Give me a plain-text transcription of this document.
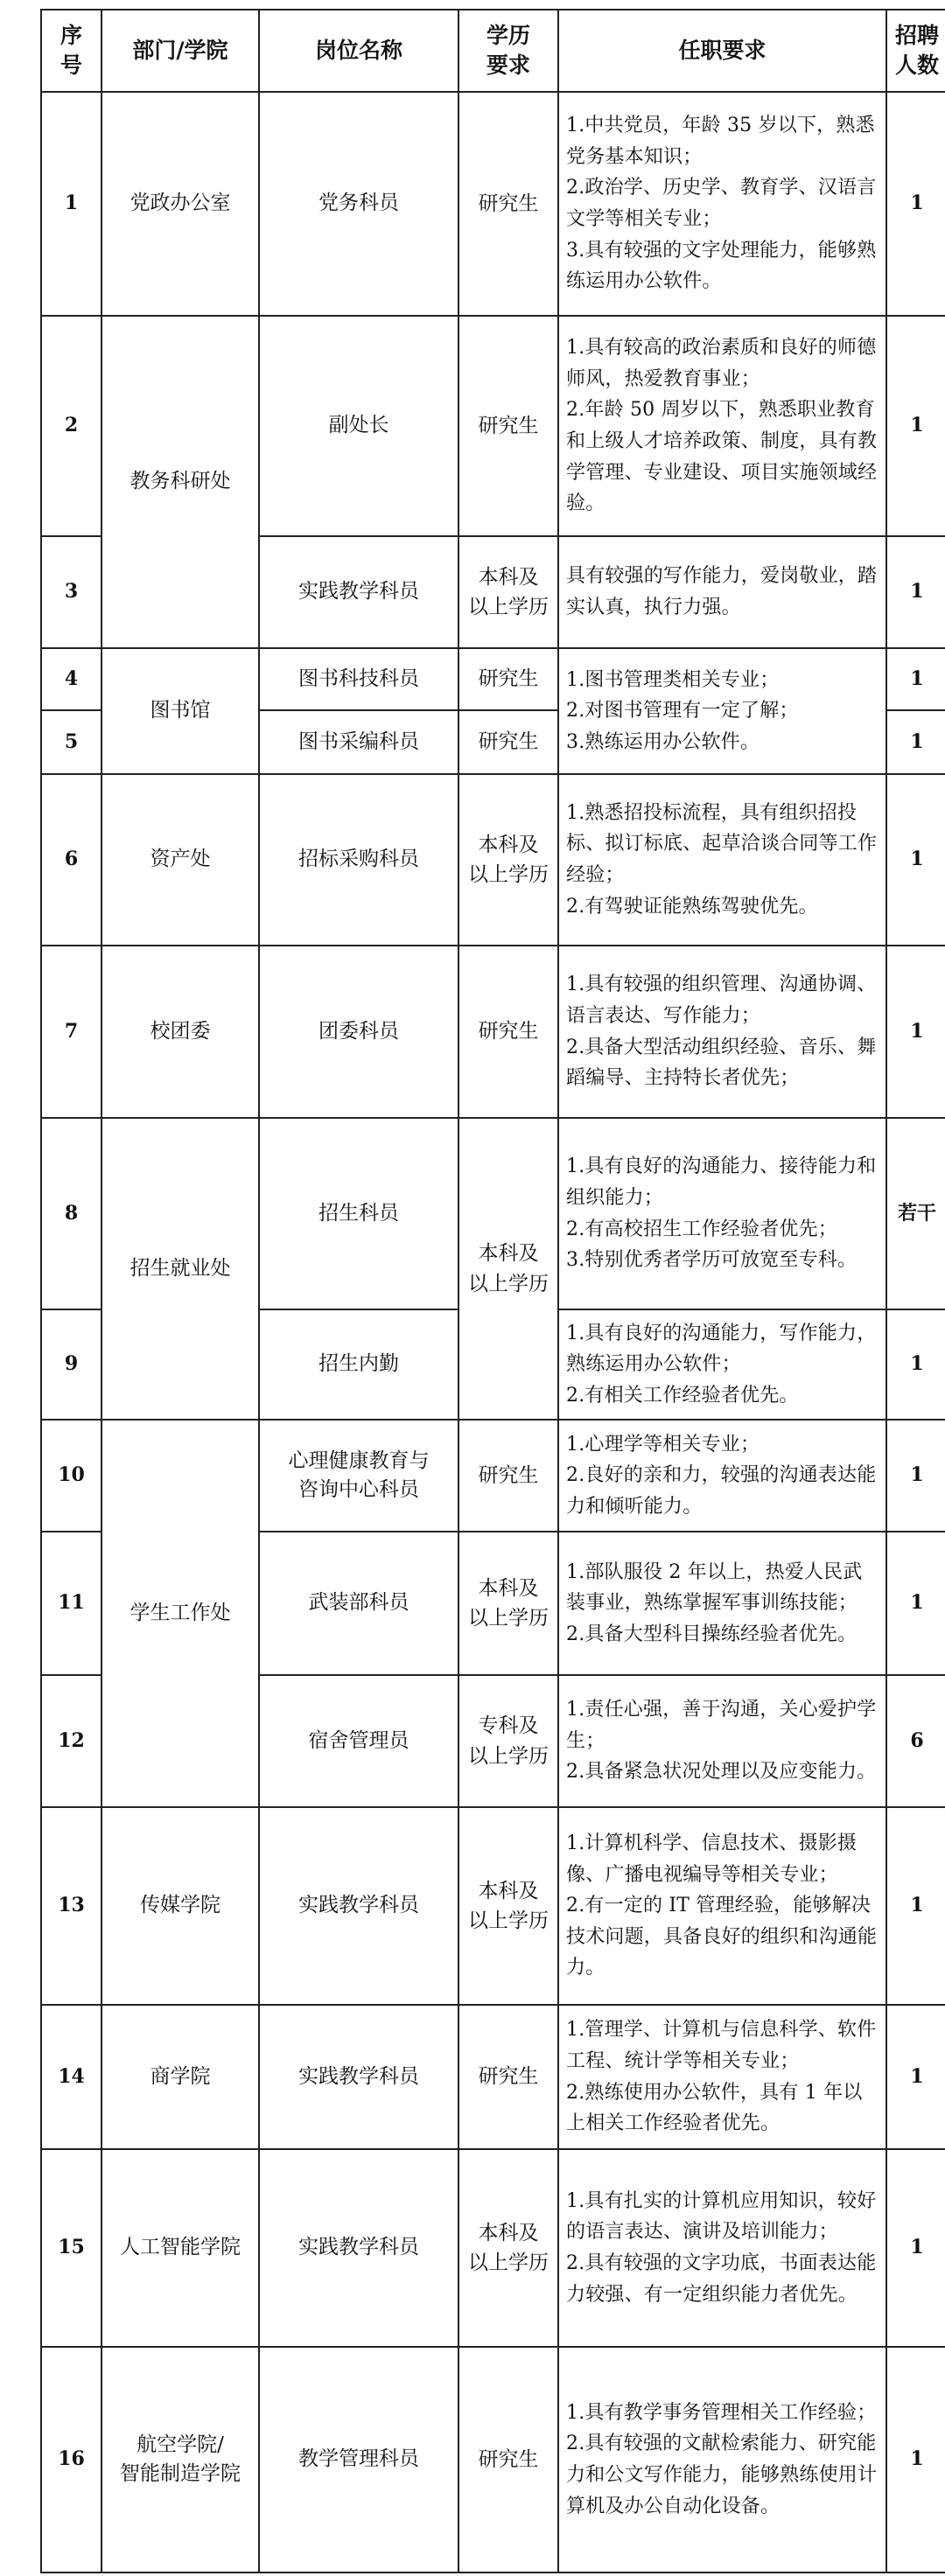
序
号	部门/学院	岗位名称	学历
要求	任职要求	招聘
人数
1	党政办公室	党务科员	研究生	1.中共党员，年龄 35 岁以下，熟悉党务基本知识；
2.政治学、历史学、教育学、汉语言文学等相关专业；
3.具有较强的文字处理能力，能够熟练运用办公软件。	1
2	教务科研处	副处长	研究生	1.具有较高的政治素质和良好的师德师风，热爱教育事业；
2.年龄 50 周岁以下，熟悉职业教育和上级人才培养政策、制度，具有教学管理、专业建设、项目实施领域经验。	1
3		实践教学科员	本科及
以上学历	具有较强的写作能力，爱岗敬业，踏实认真，执行力强。	1
4	图书馆	图书科技科员	研究生	1.图书管理类相关专业；
2.对图书管理有一定了解；
3.熟练运用办公软件。	1
5		图书采编科员	研究生		1
6	资产处	招标采购科员	本科及
以上学历	1.熟悉招投标流程，具有组织招投标、拟订标底、起草洽谈合同等工作经验；
2.有驾驶证能熟练驾驶优先。	1
7	校团委	团委科员	研究生	1.具有较强的组织管理、沟通协调、语言表达、写作能力；
2.具备大型活动组织经验、音乐、舞蹈编导、主持特长者优先；	1
8	招生就业处	招生科员	本科及
以上学历	1.具有良好的沟通能力、接待能力和组织能力；
2.有高校招生工作经验者优先；
3.特别优秀者学历可放宽至专科。	若干
9		招生内勤		1.具有良好的沟通能力，写作能力，熟练运用办公软件；
2.有相关工作经验者优先。	1
10	学生工作处	心理健康教育与
咨询中心科员	研究生	1.心理学等相关专业；
2.良好的亲和力，较强的沟通表达能力和倾听能力。	1
11		武装部科员	本科及
以上学历	1.部队服役 2 年以上，热爱人民武装事业，熟练掌握军事训练技能；
2.具备大型科目操练经验者优先。	1
12		宿舍管理员	专科及
以上学历	1.责任心强，善于沟通，关心爱护学生；
2.具备紧急状况处理以及应变能力。	6
13	传媒学院	实践教学科员	本科及
以上学历	1.计算机科学、信息技术、摄影摄像、广播电视编导等相关专业；
2.有一定的 IT 管理经验，能够解决技术问题，具备良好的组织和沟通能力。	1
14	商学院	实践教学科员	研究生	1.管理学、计算机与信息科学、软件工程、统计学等相关专业；
2.熟练使用办公软件，具有 1 年以上相关工作经验者优先。	1
15	人工智能学院	实践教学科员	本科及
以上学历	1.具有扎实的计算机应用知识，较好的语言表达、演讲及培训能力；
2.具有较强的文字功底，书面表达能力较强、有一定组织能力者优先。	1
16	航空学院/
智能制造学院	教学管理科员	研究生	1.具有教学事务管理相关工作经验；
2.具有较强的文献检索能力、研究能力和公文写作能力，能够熟练使用计算机及办公自动化设备。	1
